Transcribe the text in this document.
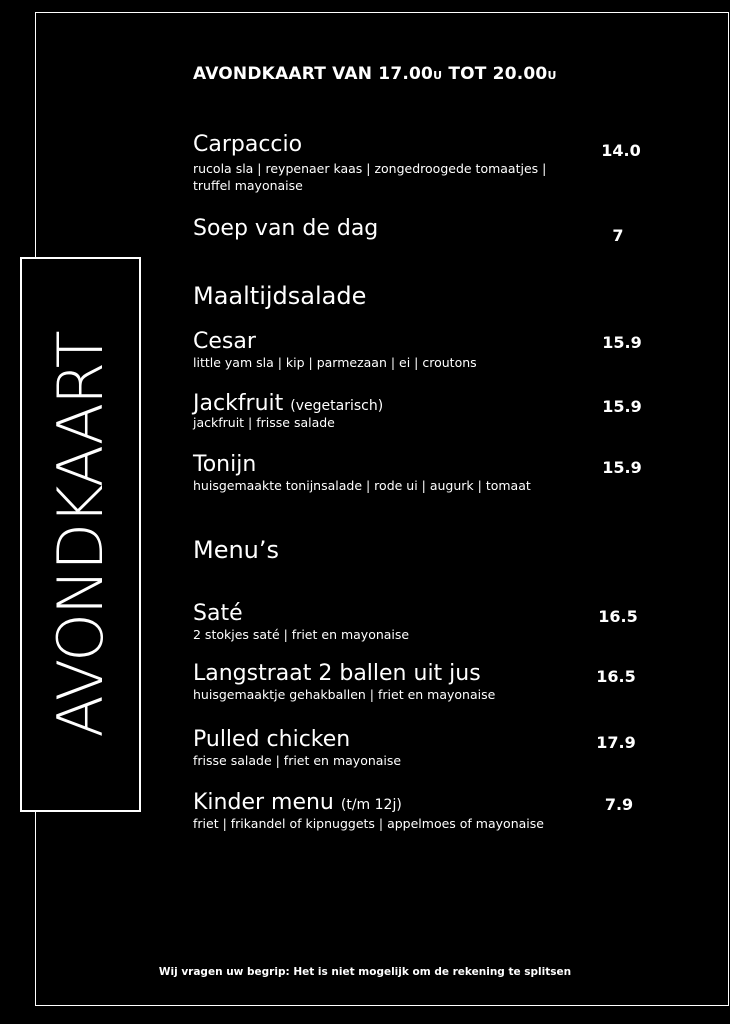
AVONDKAART
AVONDKAART VAN 17.00U TOT 20.00U
Carpaccio
rucola sla | reypenaer kaas | zongedroogede tomaatjes | truffel mayonaise
14.0
Soep van de dag	7
Maaltijdsalade
Cesar
little yam sla | kip | parmezaan | ei | croutons
15.9
Jackfruit (vegetarisch)
jackfruit | frisse salade
15.9
Tonijn
huisgemaakte tonijnsalade | rode ui | augurk | tomaat
15.9
Menu’s
Saté
2 stokjes saté | friet en mayonaise
16.5
Langstraat 2 ballen uit jus
huisgemaaktje gehakballen | friet en mayonaise
16.5
Pulled chicken
frisse salade | friet en mayonaise
17.9
Kinder menu (t/m 12j)
friet | frikandel of kipnuggets | appelmoes of mayonaise
7.9
Wij vragen uw begrip: Het is niet mogelijk om de rekening te splitsen
